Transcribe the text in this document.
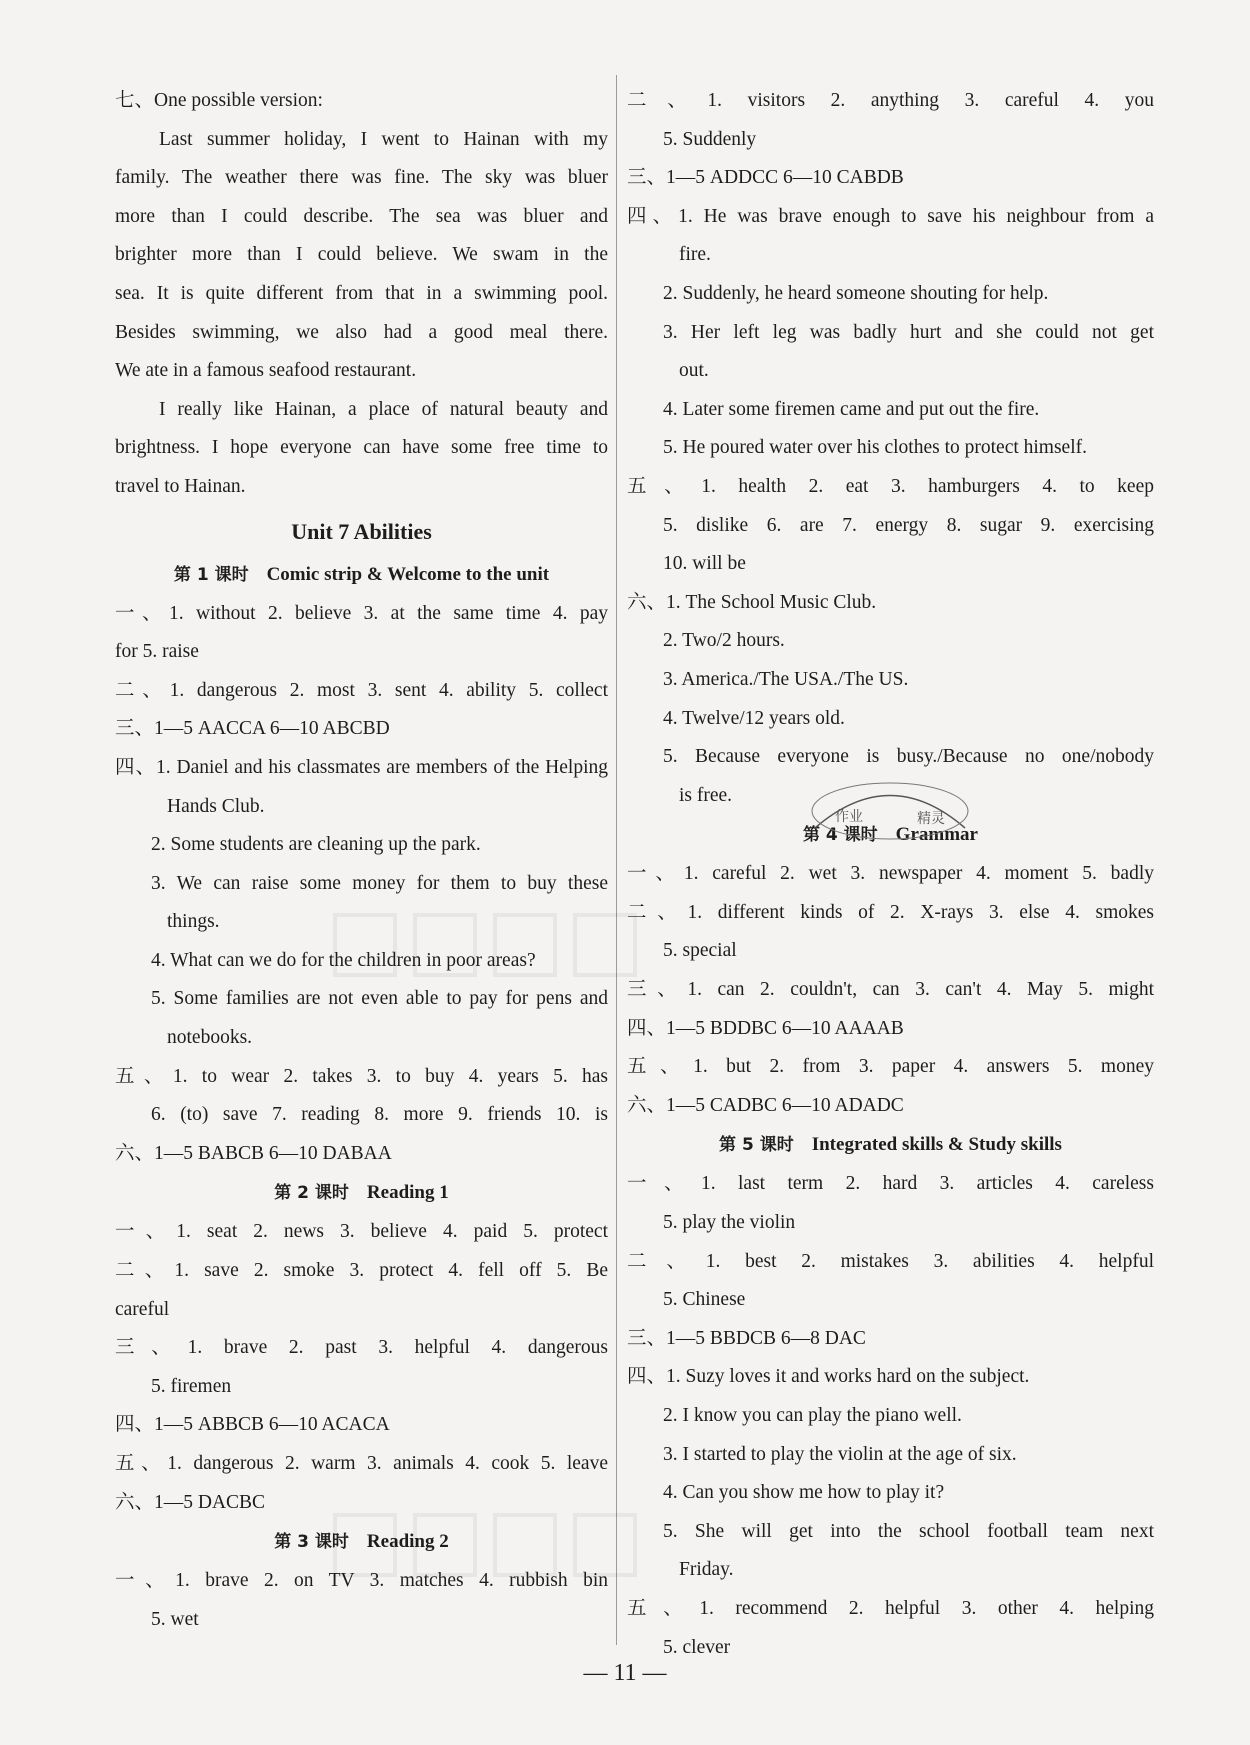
七、One possible version:
Last summer holiday, I went to Hainan with my
family. The weather there was fine. The sky was bluer
more than I could describe. The sea was bluer and
brighter more than I could believe. We swam in the
sea. It is quite different from that in a swimming pool.
Besides swimming, we also had a good meal there.
We ate in a famous seafood restaurant.
I really like Hainan, a place of natural beauty and
brightness. I hope everyone can have some free time to
travel to Hainan.
Unit 7 Abilities
第 1 课时 Comic strip & Welcome to the unit
一、1. without 2. believe 3. at the same time 4. pay
for 5. raise
二、1. dangerous 2. most 3. sent 4. ability 5. collect
三、1—5 AACCA 6—10 ABCBD
四、1. Daniel and his classmates are members of the Helping
Hands Club.
2. Some students are cleaning up the park.
3. We can raise some money for them to buy these
things.
4. What can we do for the children in poor areas?
5. Some families are not even able to pay for pens and
notebooks.
五、1. to wear 2. takes 3. to buy 4. years 5. has
6. (to) save 7. reading 8. more 9. friends 10. is
六、1—5 BABCB 6—10 DABAA
第 2 课时 Reading 1
一、1. seat 2. news 3. believe 4. paid 5. protect
二、1. save 2. smoke 3. protect 4. fell off 5. Be
careful
三、1. brave 2. past 3. helpful 4. dangerous
5. firemen
四、1—5 ABBCB 6—10 ACACA
五、1. dangerous 2. warm 3. animals 4. cook 5. leave
六、1—5 DACBC
第 3 课时 Reading 2
一、1. brave 2. on TV 3. matches 4. rubbish bin
5. wet
二、1. visitors 2. anything 3. careful 4. you
5. Suddenly
三、1—5 ADDCC 6—10 CABDB
四、1. He was brave enough to save his neighbour from a
fire.
2. Suddenly, he heard someone shouting for help.
3. Her left leg was badly hurt and she could not get
out.
4. Later some firemen came and put out the fire.
5. He poured water over his clothes to protect himself.
五、1. health 2. eat 3. hamburgers 4. to keep
5. dislike 6. are 7. energy 8. sugar 9. exercising
10. will be
六、1. The School Music Club.
2. Two/2 hours.
3. America./The USA./The US.
4. Twelve/12 years old.
5. Because everyone is busy./Because no one/nobody
is free.
第 4 课时 Grammar
一、1. careful 2. wet 3. newspaper 4. moment 5. badly
二、1. different kinds of 2. X-rays 3. else 4. smokes
5. special
三、1. can 2. couldn't, can 3. can't 4. May 5. might
四、1—5 BDDBC 6—10 AAAAB
五、1. but 2. from 3. paper 4. answers 5. money
六、1—5 CADBC 6—10 ADADC
第 5 课时 Integrated skills & Study skills
一、1. last term 2. hard 3. articles 4. careless
5. play the violin
二、1. best 2. mistakes 3. abilities 4. helpful
5. Chinese
三、1—5 BBDCB 6—8 DAC
四、1. Suzy loves it and works hard on the subject.
2. I know you can play the piano well.
3. I started to play the violin at the age of six.
4. Can you show me how to play it?
5. She will get into the school football team next
Friday.
五、1. recommend 2. helpful 3. other 4. helping
5. clever
作业	精灵
— 11 —
